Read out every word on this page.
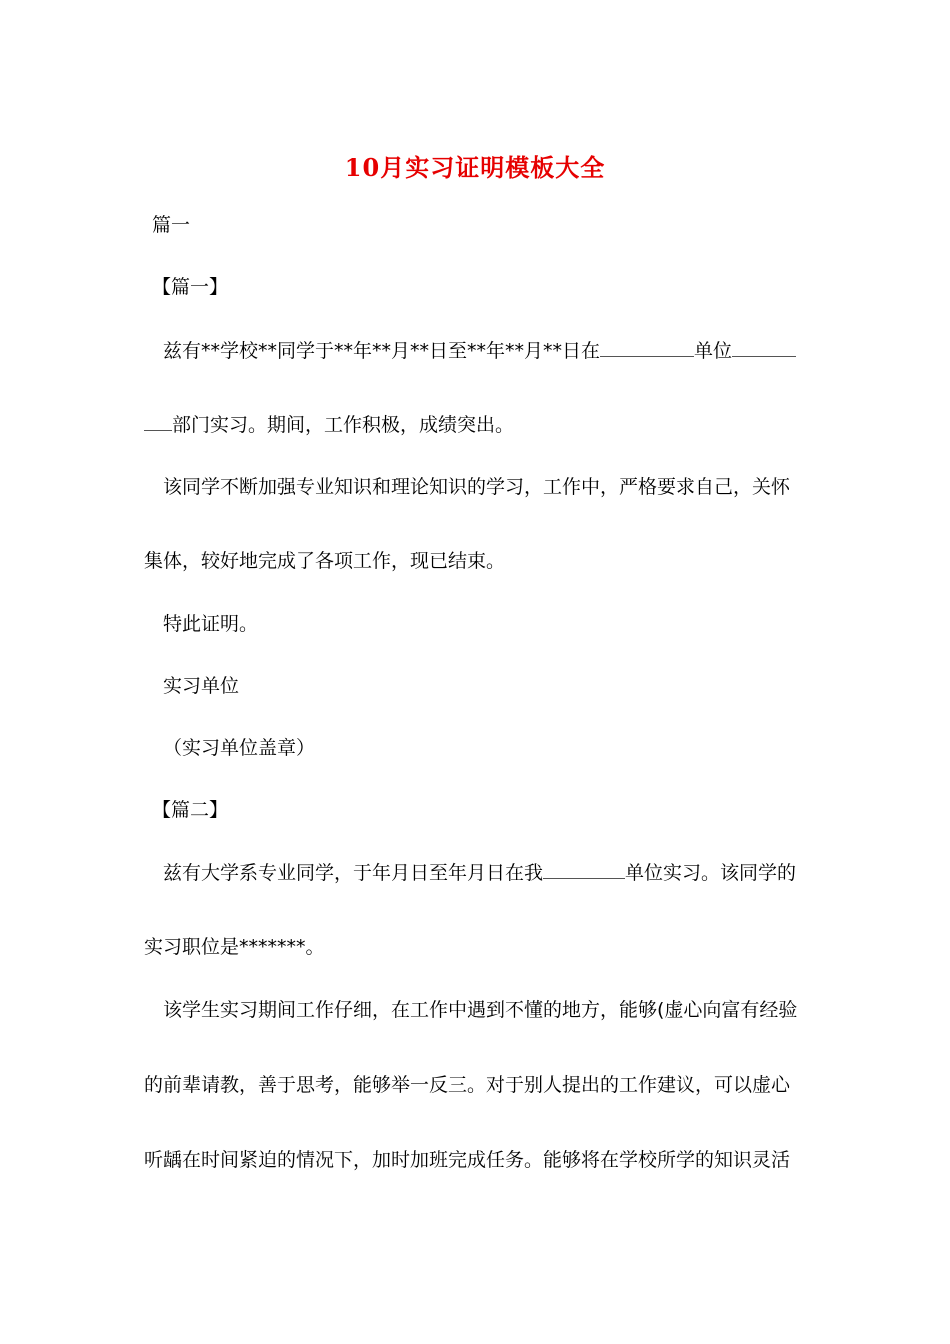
10月实习证明模板大全
篇一
【篇一】
兹有**学校**同学于**年**月**日至**年**月**日在	单位
部门实习。期间，工作积极，成绩突出。
该同学不断加强专业知识和理论知识的学习，工作中，严格要求自己，关怀
集体，较好地完成了各项工作，现已结束。
特此证明。
实习单位
（实习单位盖章）
【篇二】
兹有大学系专业同学，于年月日至年月日在我	单位实习。该同学的
实习职位是*******。
该学生实习期间工作仔细，在工作中遇到不懂的地方，能够(虚心向富有经验
的前辈请教，善于思考，能够举一反三。对于别人提出的工作建议，可以虚心
听龋在时间紧迫的情况下，加时加班完成任务。能够将在学校所学的知识灵活
